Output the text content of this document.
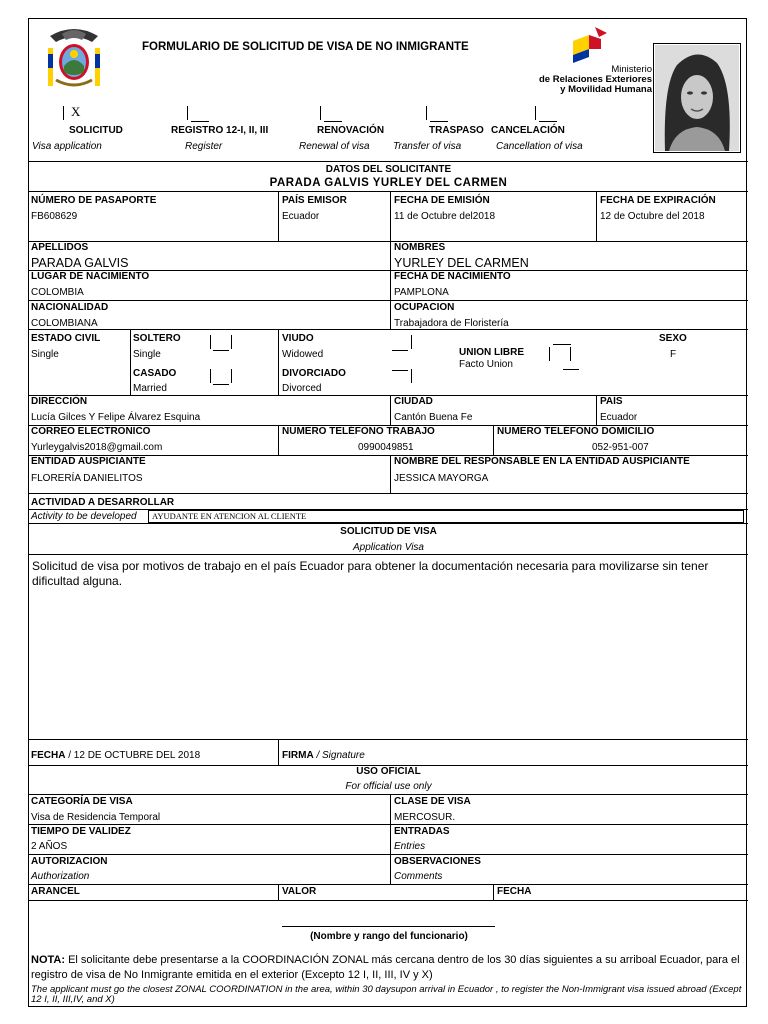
FORMULARIO DE SOLICITUD DE VISA DE NO INMIGRANTE
Ministerio
de Relaciones Exteriores
y Movilidad Humana
X
SOLICITUD	REGISTRO 12-I, II, III	RENOVACIÓN	TRASPASO CANCELACIÓN
Visa application	Register	Renewal of visa Transfer of visa	Cancellation of visa
DATOS DEL SOLICITANTE
PARADA GALVIS YURLEY DEL CARMEN
NÚMERO DE PASAPORTE
FB608629
PAÍS EMISOR
Ecuador
FECHA DE EMISIÓN
11 de Octubre del2018
FECHA DE EXPIRACIÓN
12 de Octubre del 2018
APELLIDOS
PARADA GALVIS
NOMBRES
YURLEY DEL CARMEN
LUGAR DE NACIMIENTO
COLOMBIA
FECHA DE NACIMIENTO
PAMPLONA
NACIONALIDAD
COLOMBIANA
OCUPACION
Trabajadora de Floristería
ESTADO CIVIL
Single
SOLTERO
Single
CASADO
Married
VIUDO
Widowed
DIVORCIADO
Divorced
UNION LIBRE
Facto Union
SEXO
F
DIRECCIÓN
Lucía Gilces Y Felipe Álvarez Esquina
CIUDAD
Cantón Buena Fe
PAÍS
Ecuador
CORREO ELECTRONICO
Yurleygalvis2018@gmail.com
NUMERO TELÉFONO TRABAJO
0990049851
NUMERO TELÉFONO DOMICILIO
052-951-007
ENTIDAD AUSPICIANTE
FLORERÍA DANIELITOS
NOMBRE DEL RESPONSABLE EN LA ENTIDAD AUSPICIANTE
JESSICA MAYORGA
ACTIVIDAD A DESARROLLAR
Activity to be developed AYUDANTE EN ATENCION AL CLIENTE
SOLICITUD DE VISA
Application Visa
Solicitud de visa por motivos de trabajo en el país Ecuador para obtener la documentación necesaria para movilizarse sin tener dificultad alguna.
FECHA / 12 DE OCTUBRE DEL 2018	FIRMA / Signature
USO OFICIAL
For official use only
CATEGORÍA DE VISA
Visa de Residencia Temporal
CLASE DE VISA
MERCOSUR.
TIEMPO DE VALIDEZ
2 AÑOS
ENTRADAS
Entries
AUTORIZACION
Authorization
OBSERVACIONES
Comments
ARANCEL	VALOR	FECHA
(Nombre y rango del funcionario)
NOTA: El solicitante debe presentarse a la COORDINACIÓN ZONAL más cercana dentro de los 30 días siguientes a su arriboal Ecuador, para el registro de visa de No Inmigrante emitida en el exterior (Excepto 12 I, II, III, IV y X)
The applicant must go the closest ZONAL COORDINATION in the area, within 30 daysupon arrival in Ecuador , to register the Non-Immigrant visa issued abroad (Except 12 I, II, III,IV, and X)
